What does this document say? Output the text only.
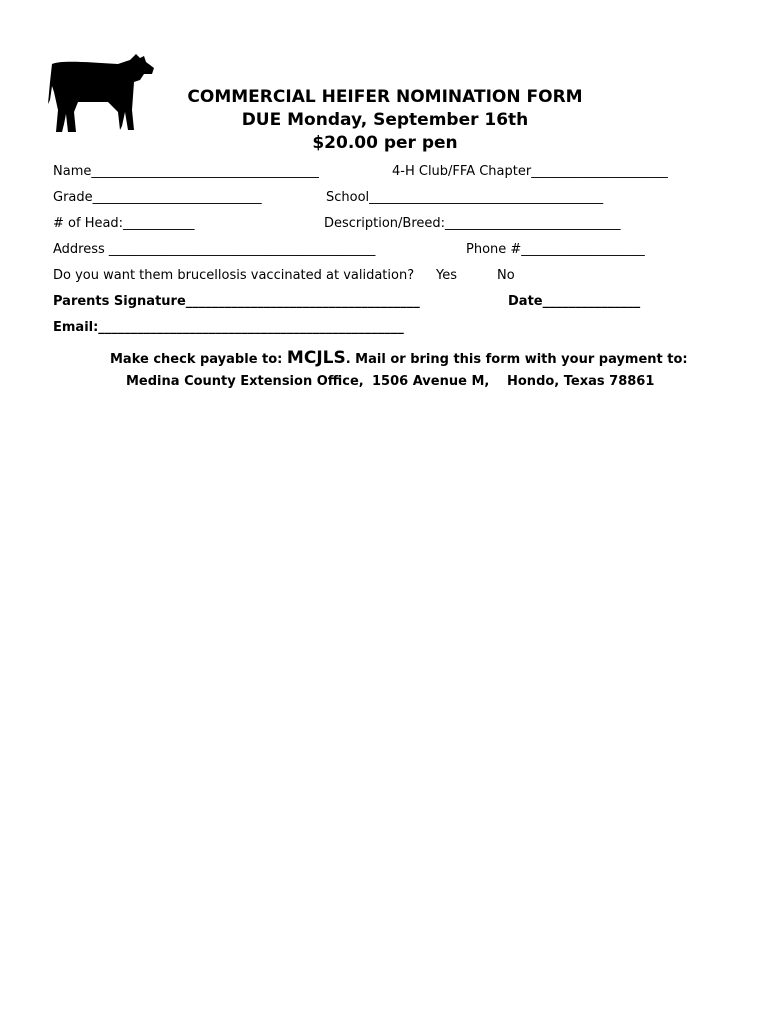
COMMERCIAL HEIFER NOMINATION FORM
DUE Monday, September 16th
$20.00 per pen
Name___________________________________	4-H Club/FFA Chapter_____________________
Grade__________________________	School____________________________________
# of Head:___________	Description/Breed:___________________________
Address _________________________________________	Phone #___________________
Do you want them brucellosis vaccinated at validation? Yes	No
Parents Signature____________________________________	Date_______________
Email:_______________________________________________
Make check payable to: MCJLS. Mail or bring this form with your payment to:
Medina County Extension Office, 1506 Avenue M, Hondo, Texas 78861
